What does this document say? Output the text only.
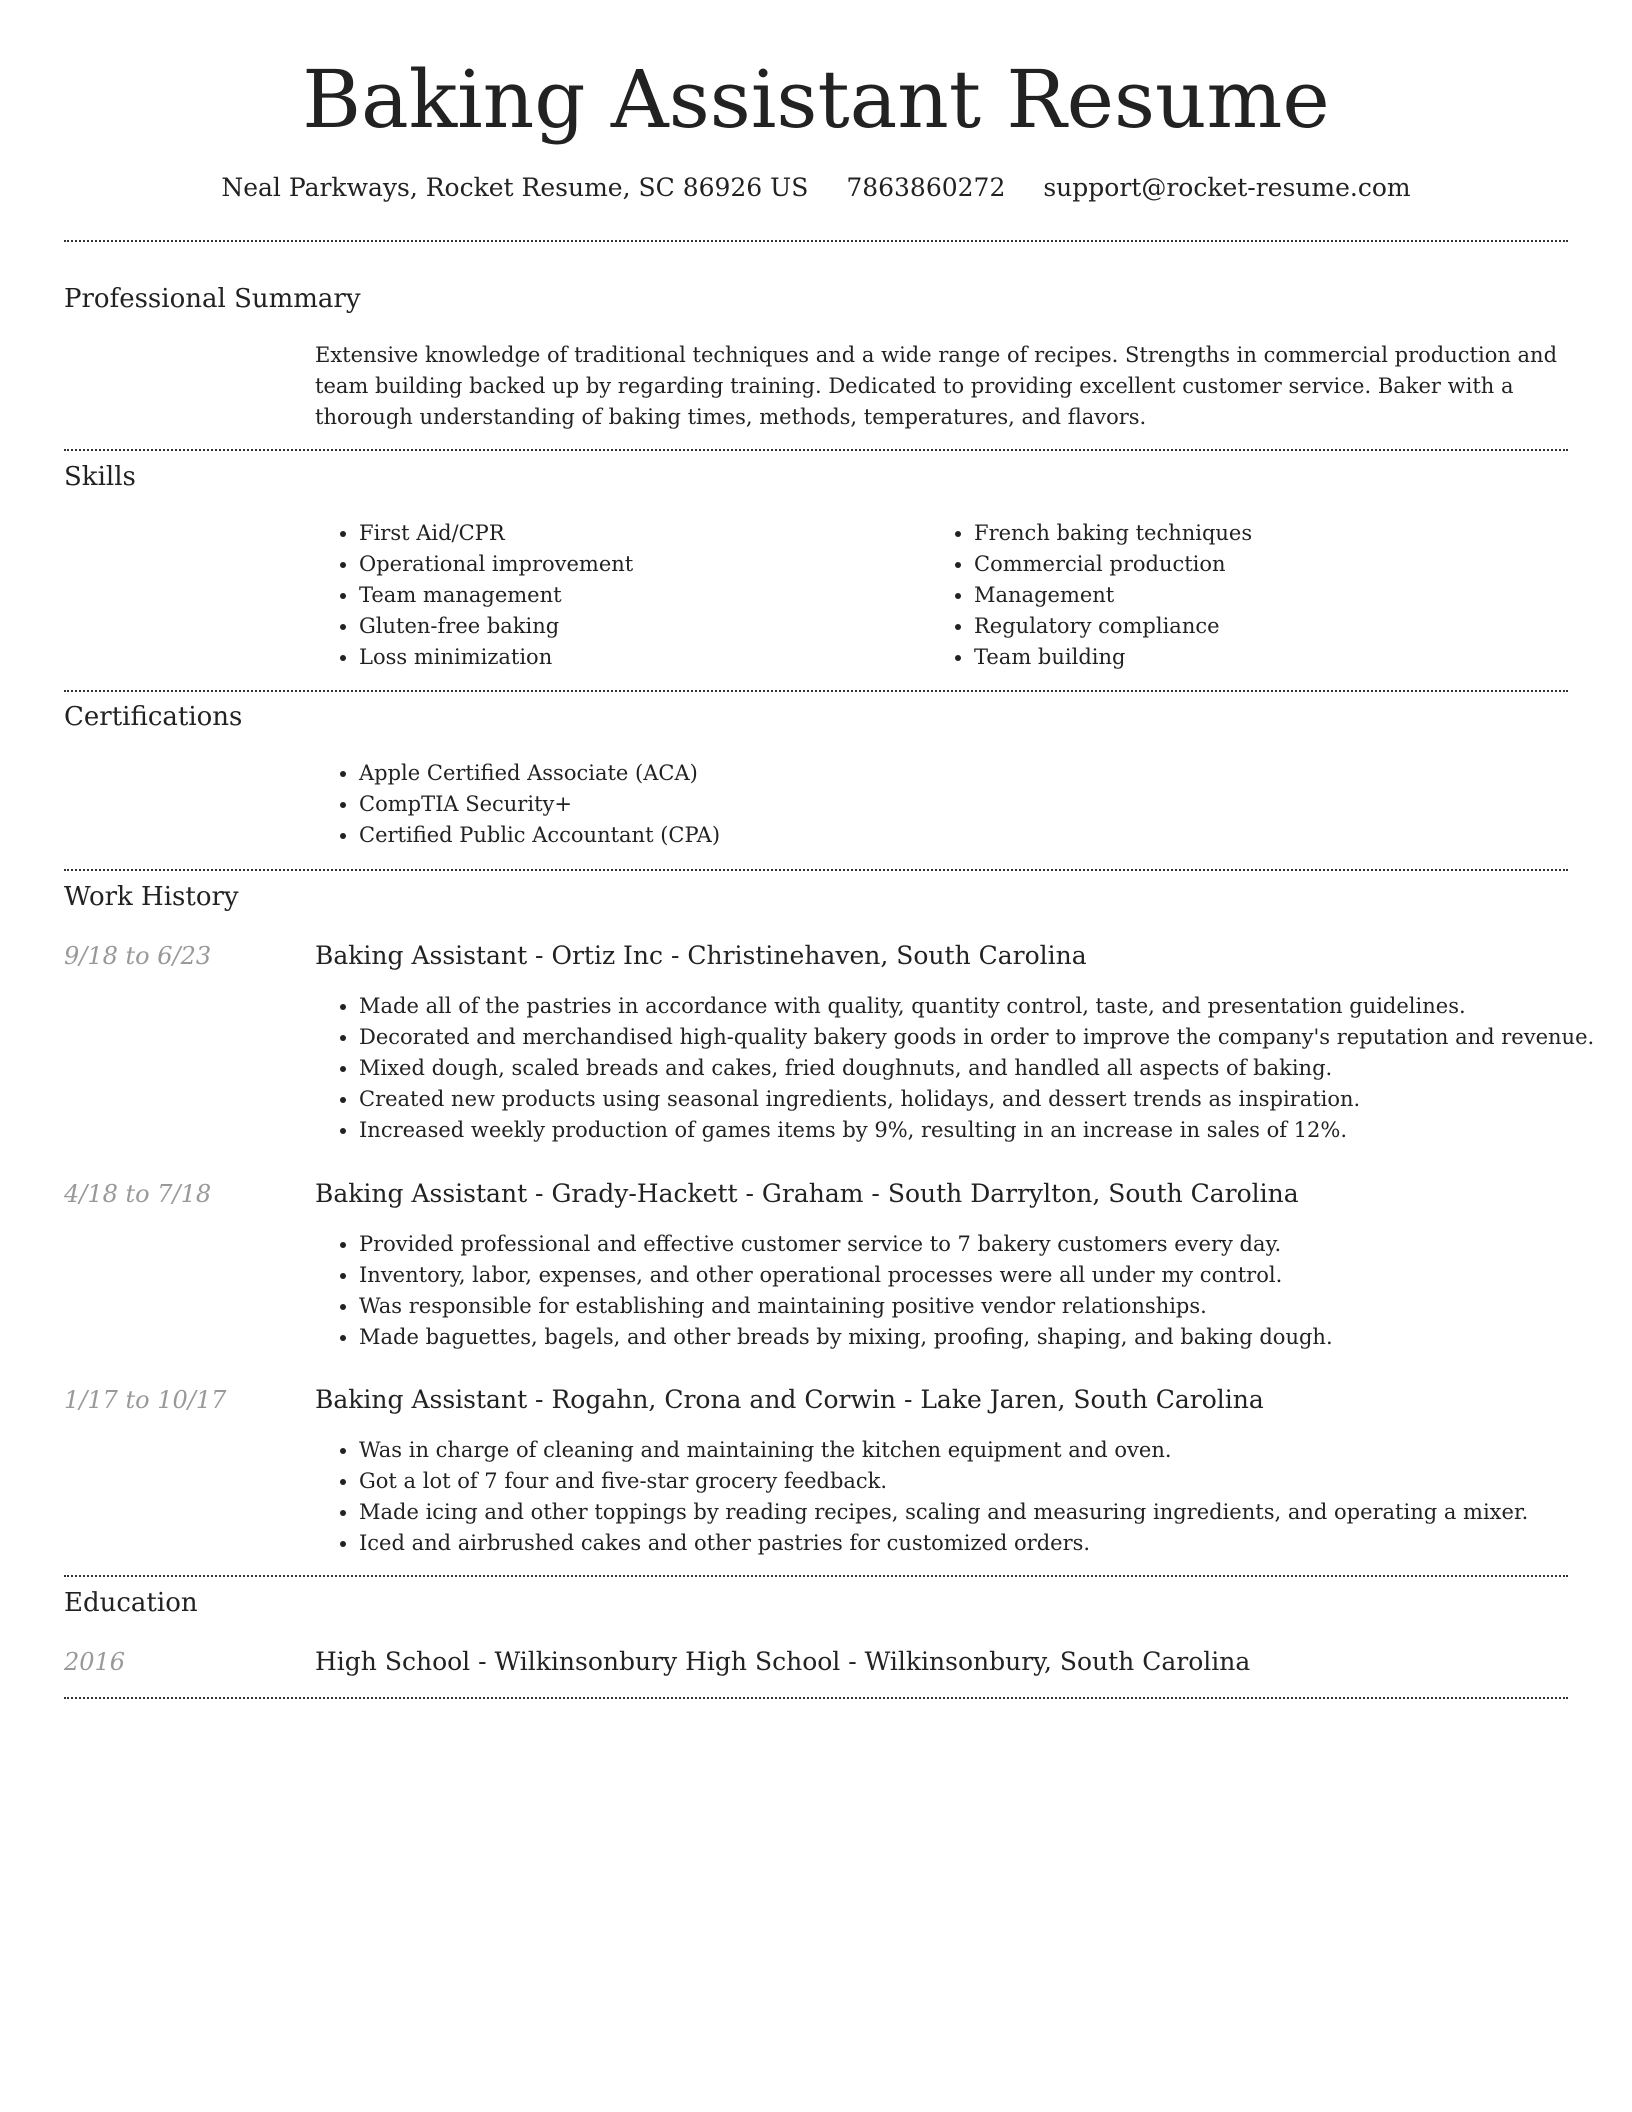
Baking Assistant Resume
Neal Parkways, Rocket Resume, SC 86926 US 7863860272 support@rocket-resume.com
Professional Summary

Extensive knowledge of traditional techniques and a wide range of recipes. Strengths in commercial production and team building backed up by regarding training. Dedicated to providing excellent customer service. Baker with a thorough understanding of baking times, methods, temperatures, and flavors.

Skills
• First Aid/CPR
• Operational improvement
• Team management
• Gluten-free baking
• Loss minimization
• French baking techniques
• Commercial production
• Management
• Regulatory compliance
• Team building
Certifications
• Apple Certified Associate (ACA)
• CompTIA Security+
• Certified Public Accountant (CPA)
Work History
9/18 to 6/23	Baking Assistant - Ortiz Inc - Christinehaven, South Carolina
• Made all of the pastries in accordance with quality, quantity control, taste, and presentation guidelines.
• Decorated and merchandised high-quality bakery goods in order to improve the company's reputation and revenue.
• Mixed dough, scaled breads and cakes, fried doughnuts, and handled all aspects of baking.
• Created new products using seasonal ingredients, holidays, and dessert trends as inspiration.
• Increased weekly production of games items by 9%, resulting in an increase in sales of 12%.
4/18 to 7/18	Baking Assistant - Grady-Hackett - Graham - South Darrylton, South Carolina
• Provided professional and effective customer service to 7 bakery customers every day.
• Inventory, labor, expenses, and other operational processes were all under my control.
• Was responsible for establishing and maintaining positive vendor relationships.
• Made baguettes, bagels, and other breads by mixing, proofing, shaping, and baking dough.
1/17 to 10/17	Baking Assistant - Rogahn, Crona and Corwin - Lake Jaren, South Carolina
• Was in charge of cleaning and maintaining the kitchen equipment and oven.
• Got a lot of 7 four and five-star grocery feedback.
• Made icing and other toppings by reading recipes, scaling and measuring ingredients, and operating a mixer.
• Iced and airbrushed cakes and other pastries for customized orders.
Education
2016	High School - Wilkinsonbury High School - Wilkinsonbury, South Carolina
